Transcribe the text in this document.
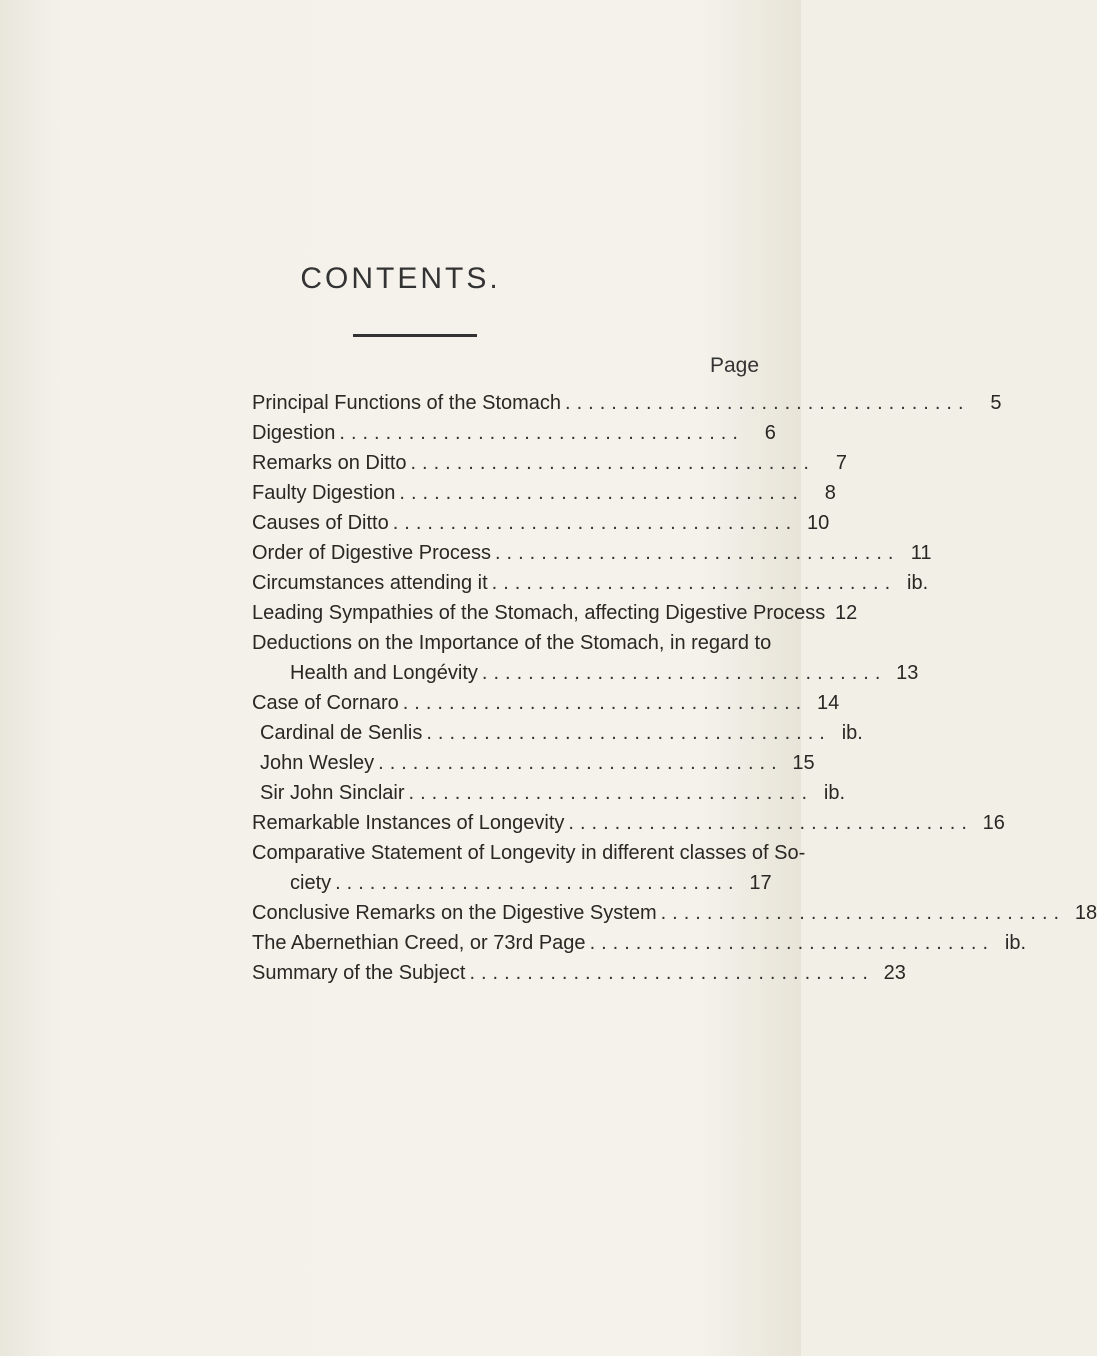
CONTENTS.
Page
Principal Functions of the Stomach ...................................	5
Digestion ...................................	6
Remarks on Ditto ...................................	7
Faulty Digestion ...................................	8
Causes of Ditto ................................... 10
Order of Digestive Process ................................... 11
Circumstances attending it ................................... ib.
Leading Sympathies of the Stomach, affecting Digestive Process 12
Deductions on the Importance of the Stomach, in regard to
Health and Longévity ................................... 13
Case of Cornaro ................................... 14
Cardinal de Senlis ................................... ib.
John Wesley ................................... 15
Sir John Sinclair ................................... ib.
Remarkable Instances of Longevity ................................... 16
Comparative Statement of Longevity in different classes of So-
ciety ................................... 17
Conclusive Remarks on the Digestive System ................................... 18
The Abernethian Creed, or 73rd Page ................................... ib.
Summary of the Subject ................................... 23
